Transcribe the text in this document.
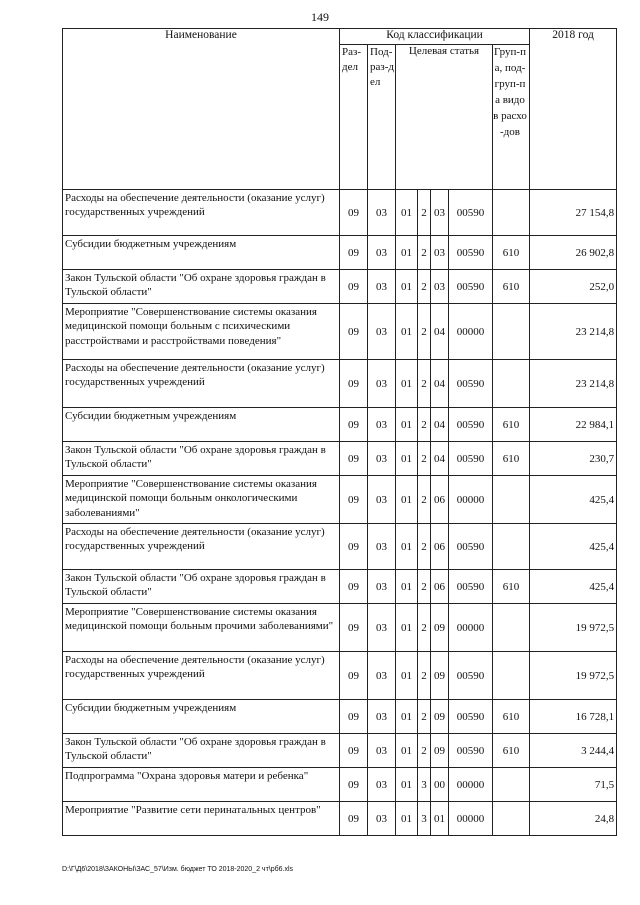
149
Наименование	Код классификации							2018 год

	Раз-дел	Под-раз-дел	Целевая статья				Груп-па, под-груп-па видов расхо-дов	

Расходы на обеспечение деятельности (оказание услуг) государственных учреждений	09	03	01	2	03	00590		27 154,8
Субсидии бюджетным учреждениям	09	03	01	2	03	00590	610	26 902,8
Закон Тульской области "Об охране здоровья граждан в Тульской области"	09	03	01	2	03	00590	610	252,0
Мероприятие "Совершенствование системы оказания медицинской помощи больным с психическими расстройствами и расстройствами поведения"	09	03	01	2	04	00000		23 214,8
Расходы на обеспечение деятельности (оказание услуг) государственных учреждений	09	03	01	2	04	00590		23 214,8
Субсидии бюджетным учреждениям	09	03	01	2	04	00590	610	22 984,1
Закон Тульской области "Об охране здоровья граждан в Тульской области"	09	03	01	2	04	00590	610	230,7
Мероприятие "Совершенствование системы оказания медицинской помощи больным онкологическими заболеваниями"	09	03	01	2	06	00000		425,4
Расходы на обеспечение деятельности (оказание услуг) государственных учреждений	09	03	01	2	06	00590		425,4
Закон Тульской области "Об охране здоровья граждан в Тульской области"	09	03	01	2	06	00590	610	425,4
Мероприятие "Совершенствование системы оказания медицинской помощи больным прочими заболеваниями"	09	03	01	2	09	00000		19 972,5
Расходы на обеспечение деятельности (оказание услуг) государственных учреждений	09	03	01	2	09	00590		19 972,5
Субсидии бюджетным учреждениям	09	03	01	2	09	00590	610	16 728,1
Закон Тульской области "Об охране здоровья граждан в Тульской области"	09	03	01	2	09	00590	610	3 244,4
Подпрограмма "Охрана здоровья матери и ребенка"	09	03	01	3	00	00000		71,5
Мероприятие "Развитие сети перинатальных центров"	09	03	01	3	01	00000		24,8
D:\Г\Д6\2018\ЗАКОНЫ\ЗАС_57\Изм. бюджет ТО 2018-2020_2 чт\рб6.xls
